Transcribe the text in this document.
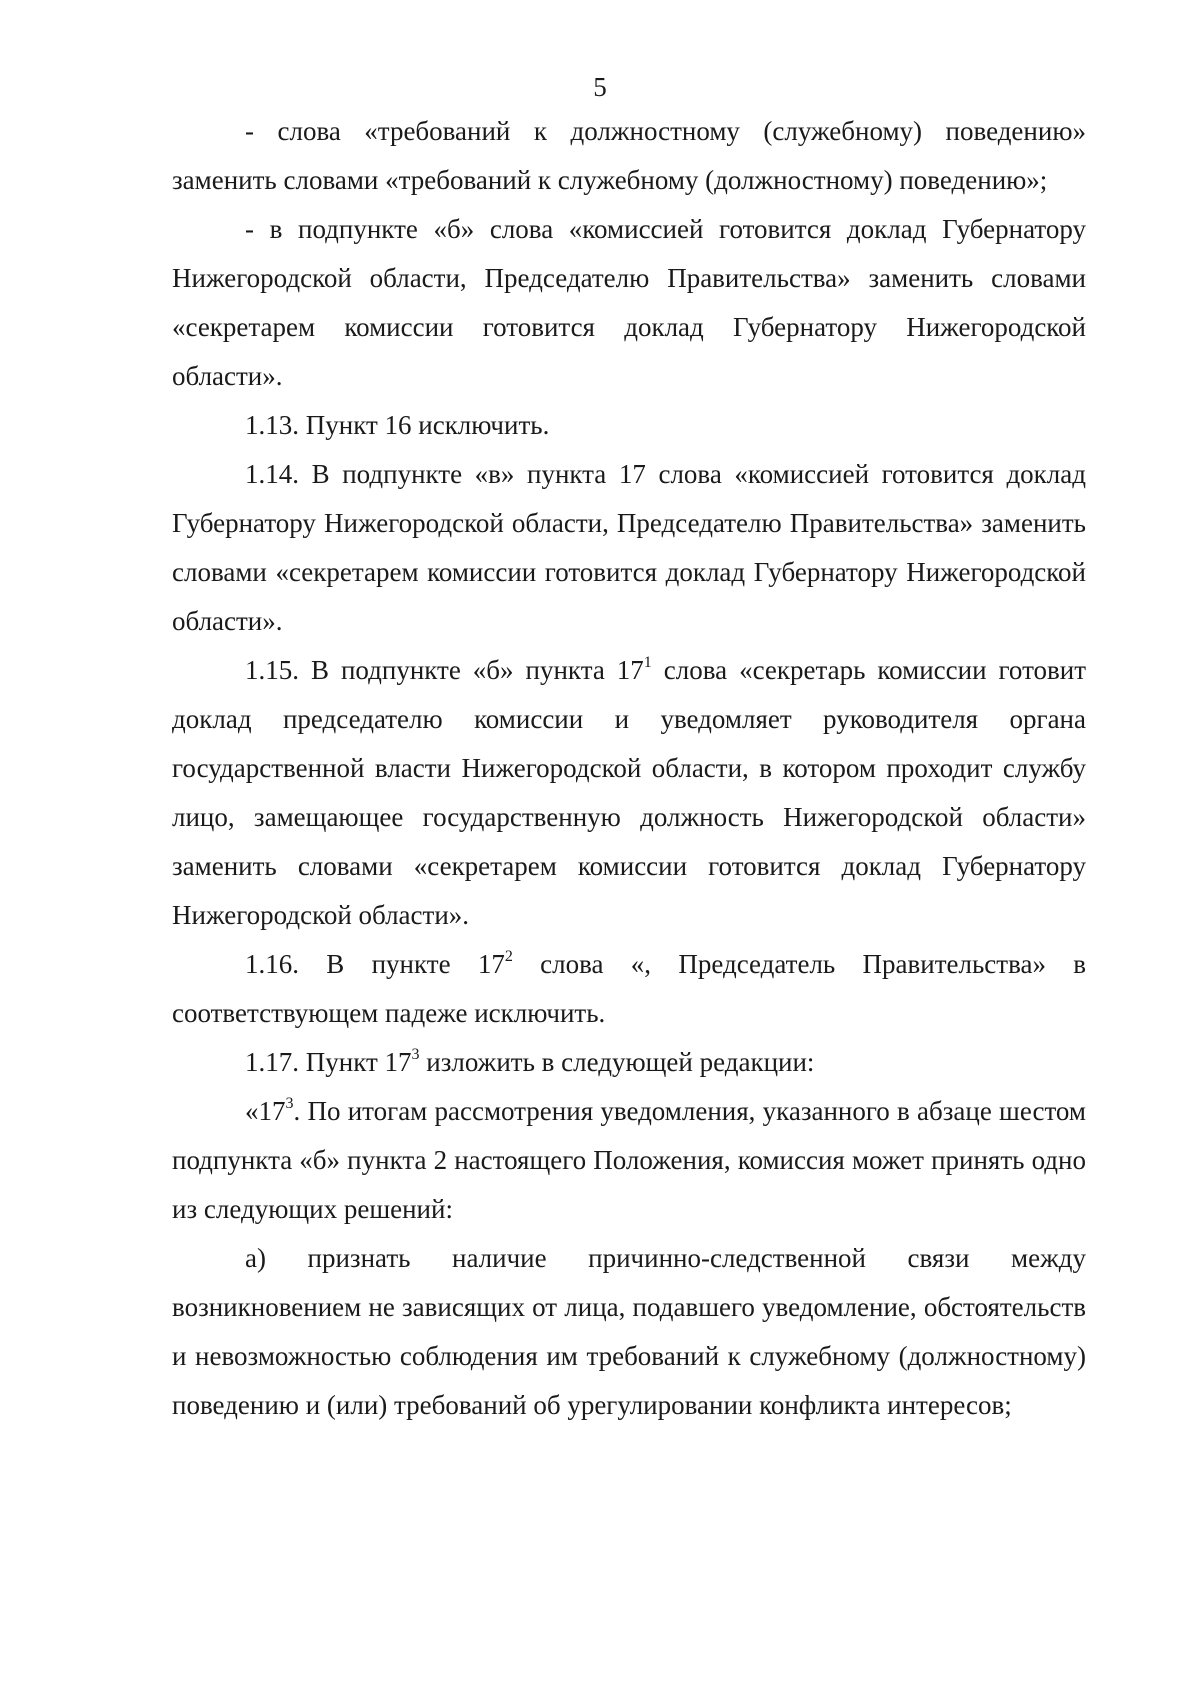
5

- слова «требований к должностному (служебному) поведению» заменить словами «требований к служебному (должностному) поведению»;

- в подпункте «б» слова «комиссией готовится доклад Губернатору Нижегородской области, Председателю Правительства» заменить словами «секретарем комиссии готовится доклад Губернатору Нижегородской области».

1.13. Пункт 16 исключить.

1.14. В подпункте «в» пункта 17 слова «комиссией готовится доклад Губернатору Нижегородской области, Председателю Правительства» заменить словами «секретарем комиссии готовится доклад Губернатору Нижегородской области».

1.15. В подпункте «б» пункта $17^1$ слова «секретарь комиссии готовит доклад председателю комиссии и уведомляет руководителя органа государственной власти Нижегородской области, в котором проходит службу лицо, замещающее государственную должность Нижегородской области» заменить словами «секретарем комиссии готовится доклад Губернатору Нижегородской области».

1.16. В пункте $17^2$ слова «, Председатель Правительства» в соответствующем падеже исключить.

1.17. Пункт $17^3$ изложить в следующей редакции:

«$17^3$. По итогам рассмотрения уведомления, указанного в абзаце шестом подпункта «б» пункта 2 настоящего Положения, комиссия может принять одно из следующих решений:

а) признать наличие причинно-следственной связи между возникновением не зависящих от лица, подавшего уведомление, обстоятельств и невозможностью соблюдения им требований к служебному (должностному) поведению и (или) требований об урегулировании конфликта интересов;
